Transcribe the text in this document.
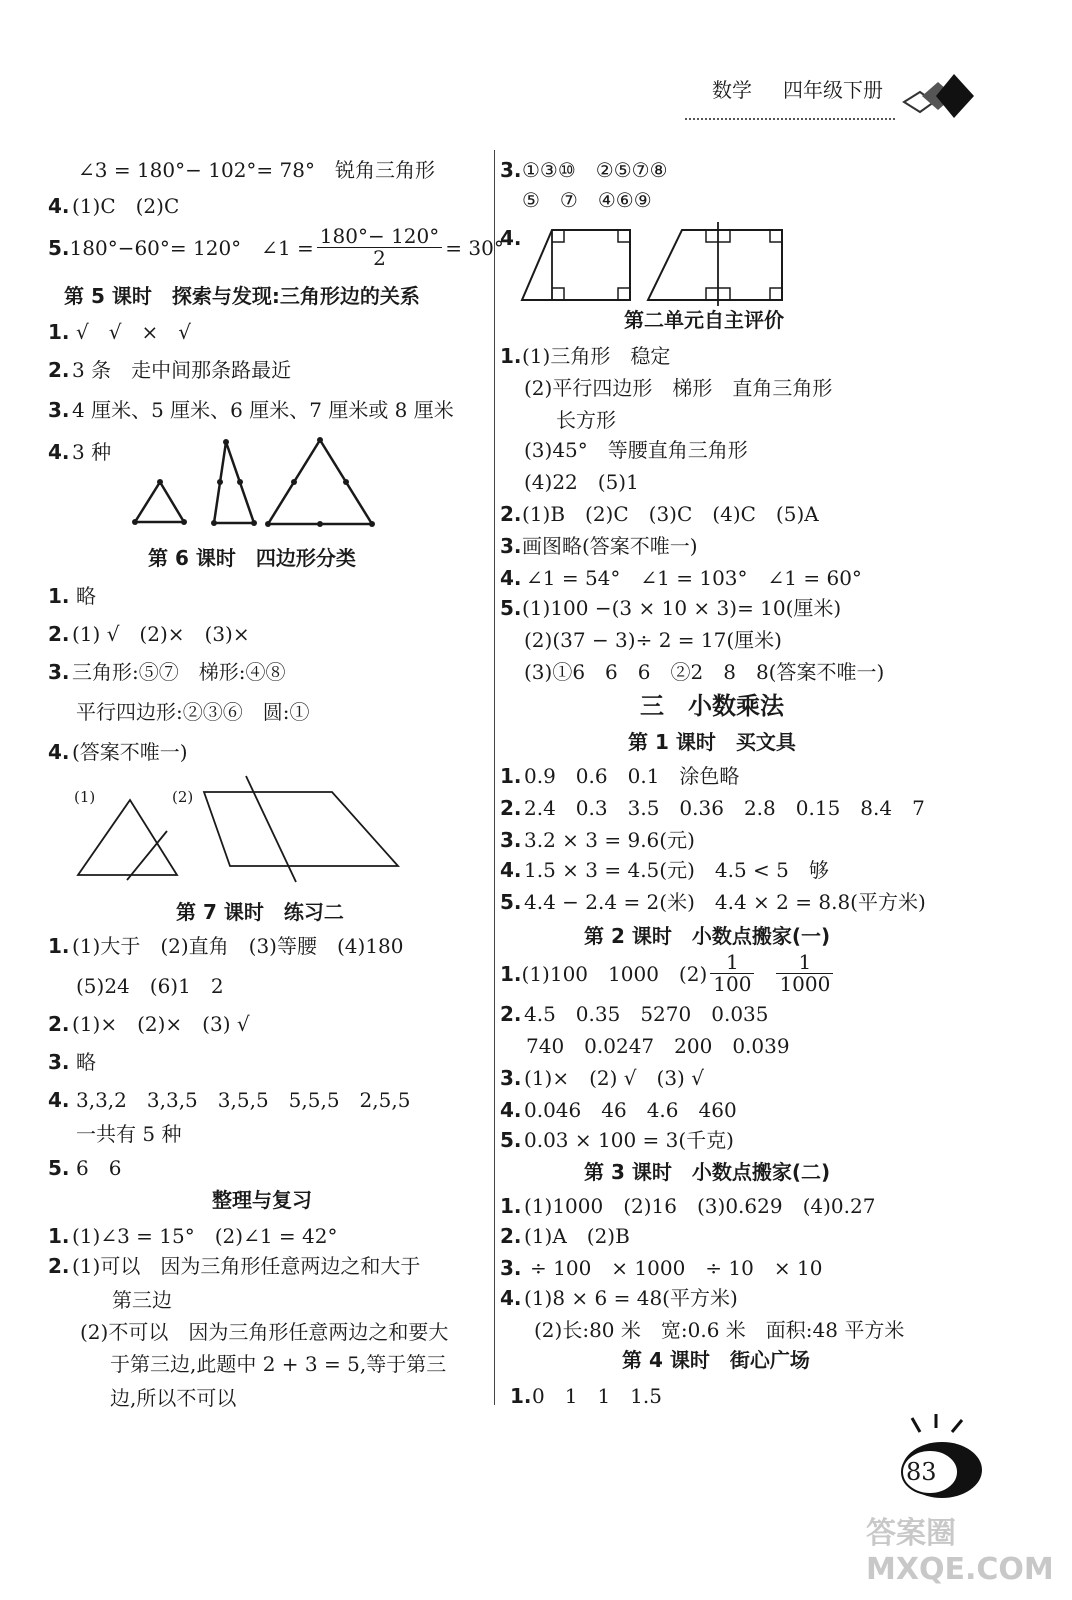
数学 四年级下册
∠3 = 180°− 102°= 78°　锐角三角形
4. (1)C　(2)C
5. 180°−60°= 120°　∠1 = $\frac{180^\circ- 120^\circ}{2} = 30^\circ$
第 5 课时　探索与发现:三角形边的关系
1. √　√　×　√
2. 3 条　走中间那条路最近
3. 4 厘米、5 厘米、6 厘米、7 厘米或 8 厘米
4. 3 种
第 6 课时　四边形分类
1. 略
2. (1) √　(2)×　(3)×
3. 三角形:⑤⑦　梯形:④⑧
平行四边形:②③⑥　圆:①
4. (答案不唯一)
(1)	(2)
第 7 课时　练习二
1. (1)大于　(2)直角　(3)等腰　(4)180
(5)24　(6)1　2
2. (1)×　(2)×　(3) √
3. 略
4. 3,3,2　3,3,5　3,5,5　5,5,5　2,5,5
一共有 5 种
5. 6　6
整理与复习
1. (1)∠3 = 15°　(2)∠1 = 42°
2. (1)可以　因为三角形任意两边之和大于
第三边
(2)不可以　因为三角形任意两边之和要大
于第三边,此题中 2 + 3 = 5,等于第三
边,所以不可以
3. ①③⑩　②⑤⑦⑧
⑤　⑦　④⑥⑨
4.
第二单元自主评价
1. (1)三角形　稳定
(2)平行四边形　梯形　直角三角形
长方形
(3)45°　等腰直角三角形
(4)22　(5)1
2. (1)B　(2)C　(3)C　(4)C　(5)A
3. 画图略(答案不唯一)
4. ∠1 = 54°　∠1 = 103°　∠1 = 60°
5. (1)100 −(3 × 10 × 3)= 10(厘米)
(2)(37 − 3)÷ 2 = 17(厘米)
(3)①6　6　6　②2　8　8(答案不唯一)
三　小数乘法
第 1 课时　买文具
1. 0.9　0.6　0.1　涂色略
2. 2.4　0.3　3.5　0.36　2.8　0.15　8.4　7
3. 3.2 × 3 = 9.6(元)
4. 1.5 × 3 = 4.5(元)　4.5 < 5　够
5. 4.4 − 2.4 = 2(米)　4.4 × 2 = 8.8(平方米)
第 2 课时　小数点搬家(一)
1. (1)100　1000　$(2) \frac{1}{100} \frac{1}{1000}$
2. 4.5　0.35　5270　0.035
740　0.0247　200　0.039
3. (1)×　(2) √　(3) √
4. 0.046　46　4.6　460
5. 0.03 × 100 = 3(千克)
第 3 课时　小数点搬家(二)
1. (1)1000　(2)16　(3)0.629　(4)0.27
2. (1)A　(2)B
3. ÷ 100　× 1000　÷ 10　× 10
4. (1)8 × 6 = 48(平方米)
(2)长:80 米　宽:0.6 米　面积:48 平方米
第 4 课时　街心广场
1. 0　1　1　1.5
83
答案圈 MXQE.COM
